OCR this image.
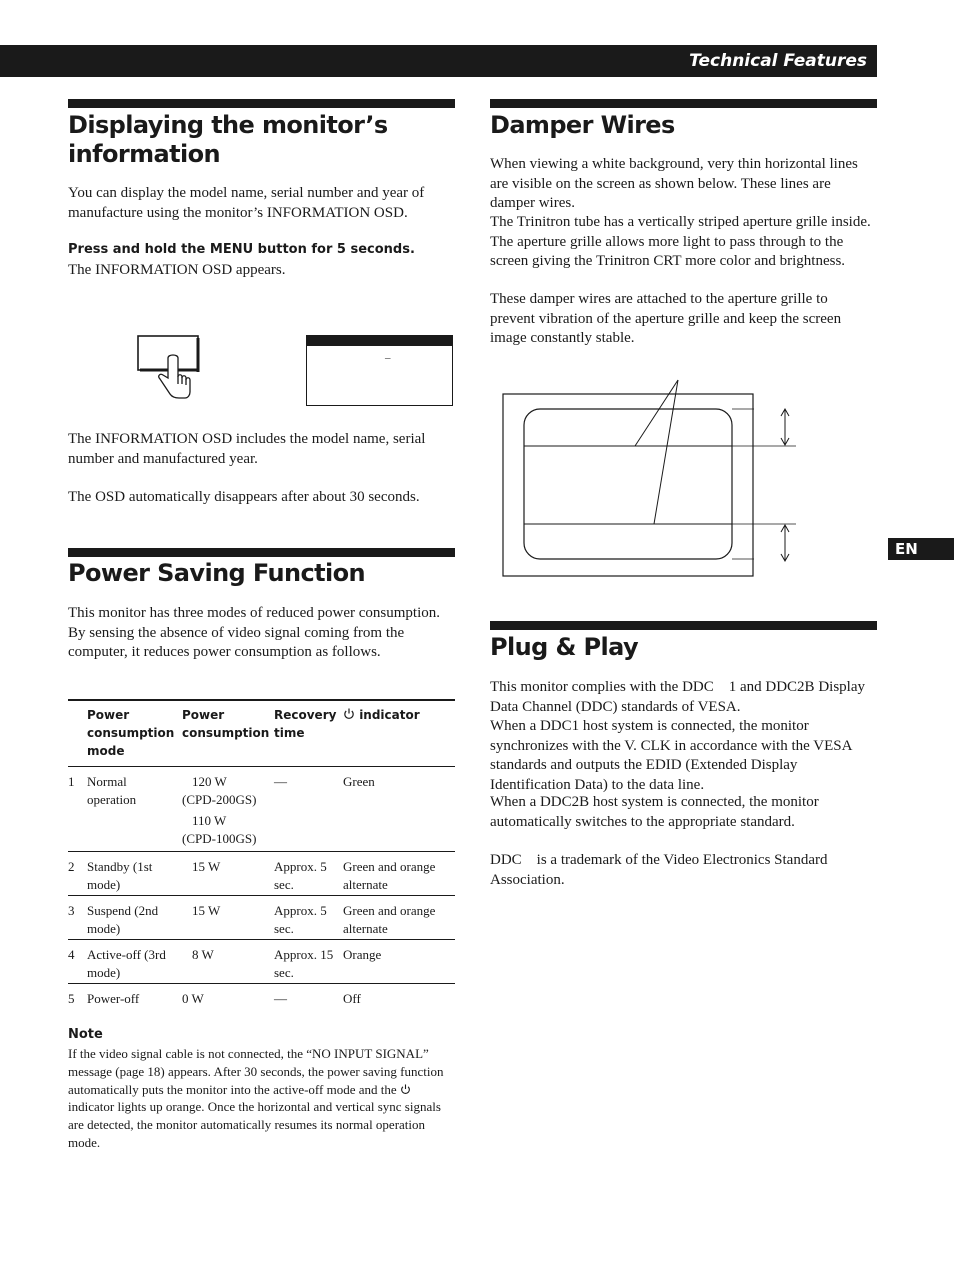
Technical Features
EN
Displaying the monitor’s
information

You can display the model name, serial number and year of manufacture using the monitor’s INFORMATION OSD.

Press and hold the MENU button for 5 seconds.

The INFORMATION OSD appears.

–

The INFORMATION OSD includes the model name, serial number and manufactured year.

The OSD automatically disappears after about 30 seconds.

Power Saving Function

This monitor has three modes of reduced power consumption. By sensing the absence of video signal coming from the computer, it reduces power consumption as follows.

	Power consumption mode	Power consumption	Recovery time	indicator
1	Normal operation	120 W
(CPD-200GS)
110 W
(CPD-100GS)	—	Green
2	Standby (1st mode)	15 W	Approx. 5 sec.	Green and orange alternate
3	Suspend (2nd mode)	15 W	Approx. 5 sec.	Green and orange alternate
4	Active-off (3rd mode)	8 W	Approx. 15 sec.	Orange
5	Power-off	0 W	—	Off
Note

If the video signal cable is not connected, the “NO INPUT SIGNAL” message (page 18) appears. After 30 seconds, the power saving function automatically puts the monitor into the active-off mode and the  indicator lights up orange. Once the horizontal and vertical sync signals are detected, the monitor automatically resumes its normal operation mode.

Damper Wires

When viewing a white background, very thin horizontal lines are visible on the screen as shown below. These lines are damper wires.

The Trinitron tube has a vertically striped aperture grille inside. The aperture grille allows more light to pass through to the screen giving the Trinitron CRT more color and brightness.

These damper wires are attached to the aperture grille to prevent vibration of the aperture grille and keep the screen image constantly stable.

Plug & Play

This monitor complies with the DDC    1 and DDC2B Display Data Channel (DDC) standards of VESA.

When a DDC1 host system is connected, the monitor synchronizes with the V. CLK in accordance with the VESA standards and outputs the EDID (Extended Display Identification Data) to the data line.

When a DDC2B host system is connected, the monitor automatically switches to the appropriate standard.

DDC    is a trademark of the Video Electronics Standard Association.
